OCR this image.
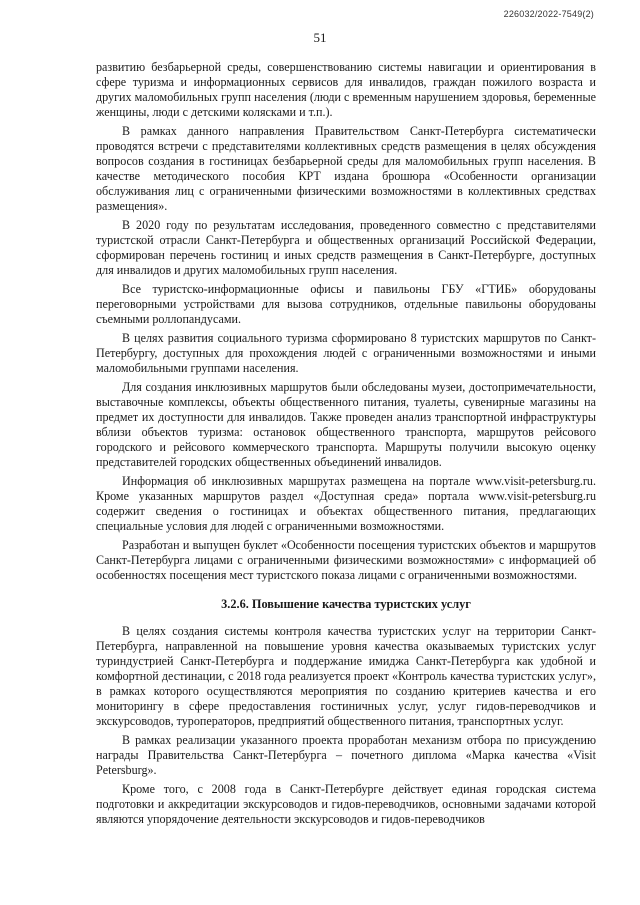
226032/2022-7549(2)
51

развитию безбарьерной среды, совершенствованию системы навигации и ориентирования в сфере туризма и информационных сервисов для инвалидов, граждан пожилого возраста и других маломобильных групп населения (люди с временным нарушением здоровья, беременные женщины, люди с детскими колясками и т.п.).

В рамках данного направления Правительством Санкт-Петербурга систематически проводятся встречи с представителями коллективных средств размещения в целях обсуждения вопросов создания в гостиницах безбарьерной среды для маломобильных групп населения. В качестве методического пособия КРТ издана брошюра «Особенности организации обслуживания лиц с ограниченными физическими возможностями в коллективных средствах размещения».

В 2020 году по результатам исследования, проведенного совместно с представителями туристской отрасли Санкт-Петербурга и общественных организаций Российской Федерации, сформирован перечень гостиниц и иных средств размещения в Санкт-Петербурге, доступных для инвалидов и других маломобильных групп населения.

Все туристско-информационные офисы и павильоны ГБУ «ГТИБ» оборудованы переговорными устройствами для вызова сотрудников, отдельные павильоны оборудованы съемными роллопандусами.

В целях развития социального туризма сформировано 8 туристских маршрутов по Санкт-Петербургу, доступных для прохождения людей с ограниченными возможностями и иными маломобильными группами населения.

Для создания инклюзивных маршрутов были обследованы музеи, достопримечательности, выставочные комплексы, объекты общественного питания, туалеты, сувенирные магазины на предмет их доступности для инвалидов. Также проведен анализ транспортной инфраструктуры вблизи объектов туризма: остановок общественного транспорта, маршрутов рейсового городского и рейсового коммерческого транспорта. Маршруты получили высокую оценку представителей городских общественных объединений инвалидов.

Информация об инклюзивных маршрутах размещена на портале www.visit-petersburg.ru. Кроме указанных маршрутов раздел «Доступная среда» портала www.visit-petersburg.ru содержит сведения о гостиницах и объектах общественного питания, предлагающих специальные условия для людей с ограниченными возможностями.

Разработан и выпущен буклет «Особенности посещения туристских объектов и маршрутов Санкт-Петербурга лицами с ограниченными физическими возможностями» с информацией об особенностях посещения мест туристского показа лицами с ограниченными возможностями.

3.2.6. Повышение качества туристских услуг

В целях создания системы контроля качества туристских услуг на территории Санкт-Петербурга, направленной на повышение уровня качества оказываемых туристских услуг туриндустрией Санкт-Петербурга и поддержание имиджа Санкт-Петербурга как удобной и комфортной дестинации, с 2018 года реализуется проект «Контроль качества туристских услуг», в рамках которого осуществляются мероприятия по созданию критериев качества и его мониторингу в сфере предоставления гостиничных услуг, услуг гидов-переводчиков и экскурсоводов, туроператоров, предприятий общественного питания, транспортных услуг.

В рамках реализации указанного проекта проработан механизм отбора по присуждению награды Правительства Санкт-Петербурга – почетного диплома «Марка качества «Visit Petersburg».

Кроме того, с 2008 года в Санкт-Петербурге действует единая городская система подготовки и аккредитации экскурсоводов и гидов-переводчиков, основными задачами которой являются упорядочение деятельности экскурсоводов и гидов-переводчиков
